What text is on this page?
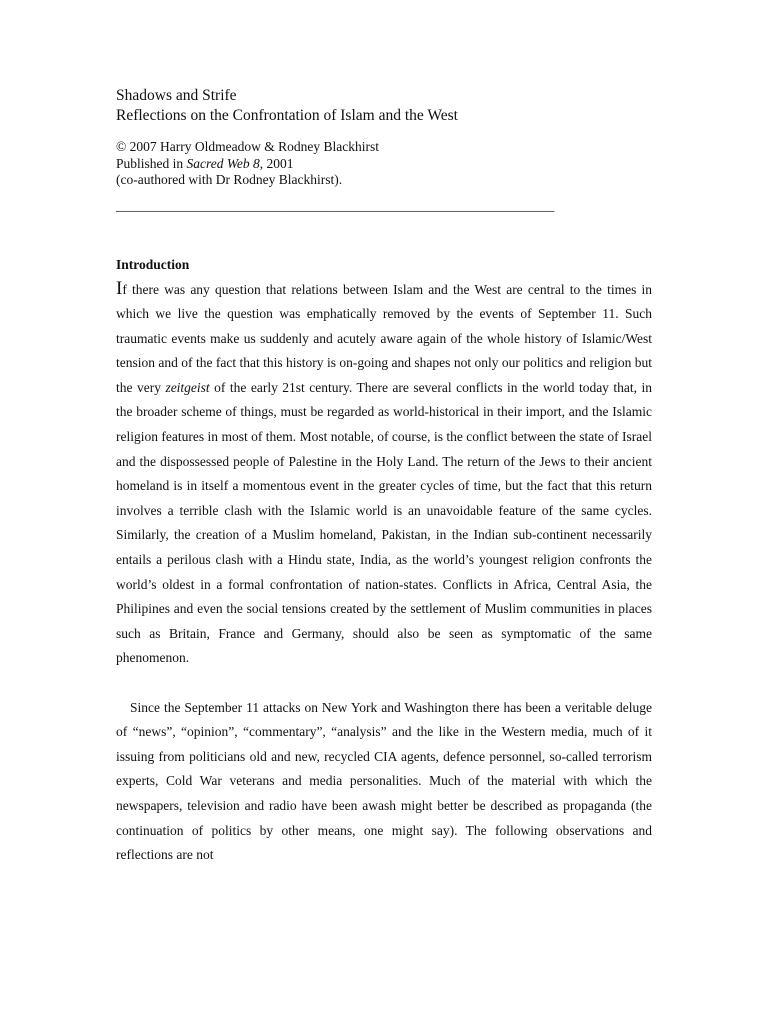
Shadows and Strife
Reflections on the Confrontation of Islam and the West
© 2007 Harry Oldmeadow & Rodney Blackhirst
Published in Sacred Web 8, 2001
(co-authored with Dr Rodney Blackhirst).
________________________________________________________________
Introduction

If there was any question that relations between Islam and the West are central to the times in which we live the question was emphatically removed by the events of September 11. Such traumatic events make us suddenly and acutely aware again of the whole history of Islamic/West tension and of the fact that this history is on-going and shapes not only our politics and religion but the very zeitgeist of the early 21st century. There are several conflicts in the world today that, in the broader scheme of things, must be regarded as world-historical in their import, and the Islamic religion features in most of them. Most notable, of course, is the conflict between the state of Israel and the dispossessed people of Palestine in the Holy Land. The return of the Jews to their ancient homeland is in itself a momentous event in the greater cycles of time, but the fact that this return involves a terrible clash with the Islamic world is an unavoidable feature of the same cycles. Similarly, the creation of a Muslim homeland, Pakistan, in the Indian sub-continent necessarily entails a perilous clash with a Hindu state, India, as the world’s youngest religion confronts the world’s oldest in a formal confrontation of nation-states. Conflicts in Africa, Central Asia, the Philipines and even the social tensions created by the settlement of Muslim communities in places such as Britain, France and Germany, should also be seen as symptomatic of the same phenomenon.

Since the September 11 attacks on New York and Washington there has been a veritable deluge of “news”, “opinion”, “commentary”, “analysis” and the like in the Western media, much of it issuing from politicians old and new, recycled CIA agents, defence personnel, so-called terrorism experts, Cold War veterans and media personalities. Much of the material with which the newspapers, television and radio have been awash might better be described as propaganda (the continuation of politics by other means, one might say). The following observations and reflections are not
